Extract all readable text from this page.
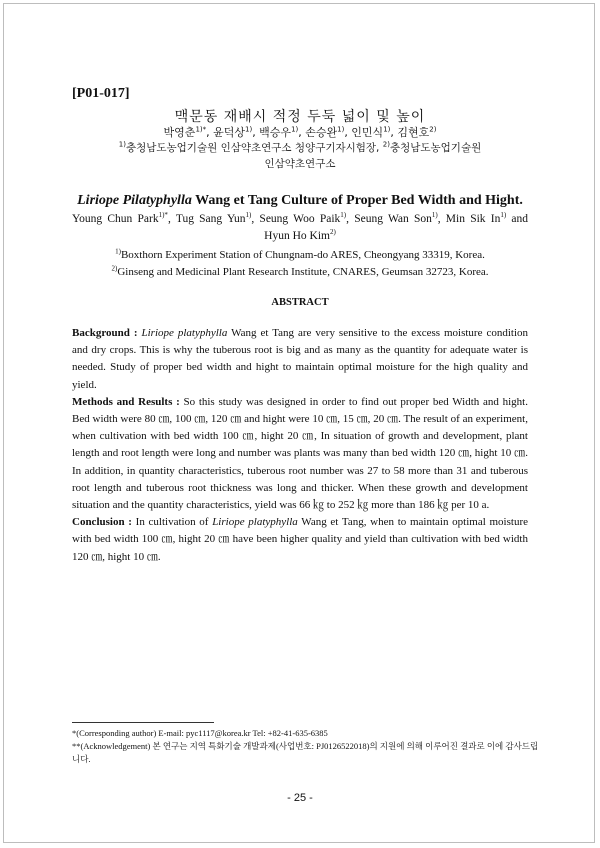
[P01-017]
맥문동 재배시 적정 두둑 넓이 및 높이
박영춘$^{1)*}$, 윤덕상$^{1)}$, 백승우$^{1)}$, 손승완$^{1)}$, 인민식$^{1)}$, 김현호$^{2)}$
$^{1)}$충청남도농업기술원 인삼약초연구소 청양구기자시험장, $^{2)}$충청남도농업기술원
인삼약초연구소
Liriope Pilatyphylla Wang et Tang Culture of Proper Bed Width and Hight.
Young Chun Park$^{1)*}$, Tug Sang Yun$^{1)}$, Seung Woo Paik$^{1)}$, Seung Wan Son$^{1)}$, Min Sik In$^{1)}$ and
Hyun Ho Kim$^{2)}$
$^{1)}$Boxthorn Experiment Station of Chungnam-do ARES, Cheongyang 33319, Korea.
$^{2)}$Ginseng and Medicinal Plant Research Institute, CNARES, Geumsan 32723, Korea.
ABSTRACT

Background : Liriope platyphylla Wang et Tang are very sensitive to the excess moisture condition and dry crops. This is why the tuberous root is big and as many as the quantity for adequate water is needed. Study of proper bed width and hight to maintain optimal moisture for the high quality and yield.

Methods and Results : So this study was designed in order to find out proper bed Width and hight. Bed width were 80 ㎝, 100 ㎝, 120 ㎝ and hight were 10 ㎝, 15 ㎝, 20 ㎝. The result of an experiment, when cultivation with bed width 100 ㎝, hight 20 ㎝, In situation of growth and development, plant length and root length were long and number was plants was many than bed width 120 ㎝, hight 10 ㎝. In addition, in quantity characteristics, tuberous root number was 27 to 58 more than 31 and tuberous root length and tuberous root thickness was long and thicker. When these growth and development situation and the quantity characteristics, yield was 66 ㎏ to 252 ㎏ more than 186 ㎏ per 10 a.

Conclusion : In cultivation of Liriope platyphylla Wang et Tang, when to maintain optimal moisture with bed width 100 ㎝, hight 20 ㎝ have been higher quality and yield than cultivation with bed width 120 ㎝, hight 10 ㎝.

*(Corresponding author) E-mail: pyc1117@korea.kr Tel: +82-41-635-6385
**(Acknowledgement) 본 연구는 지역 특화기술 개발과제(사업번호: PJ0126522018)의 지원에 의해 이루어진 결과로 이에 감사드립니다.
- 25 -
